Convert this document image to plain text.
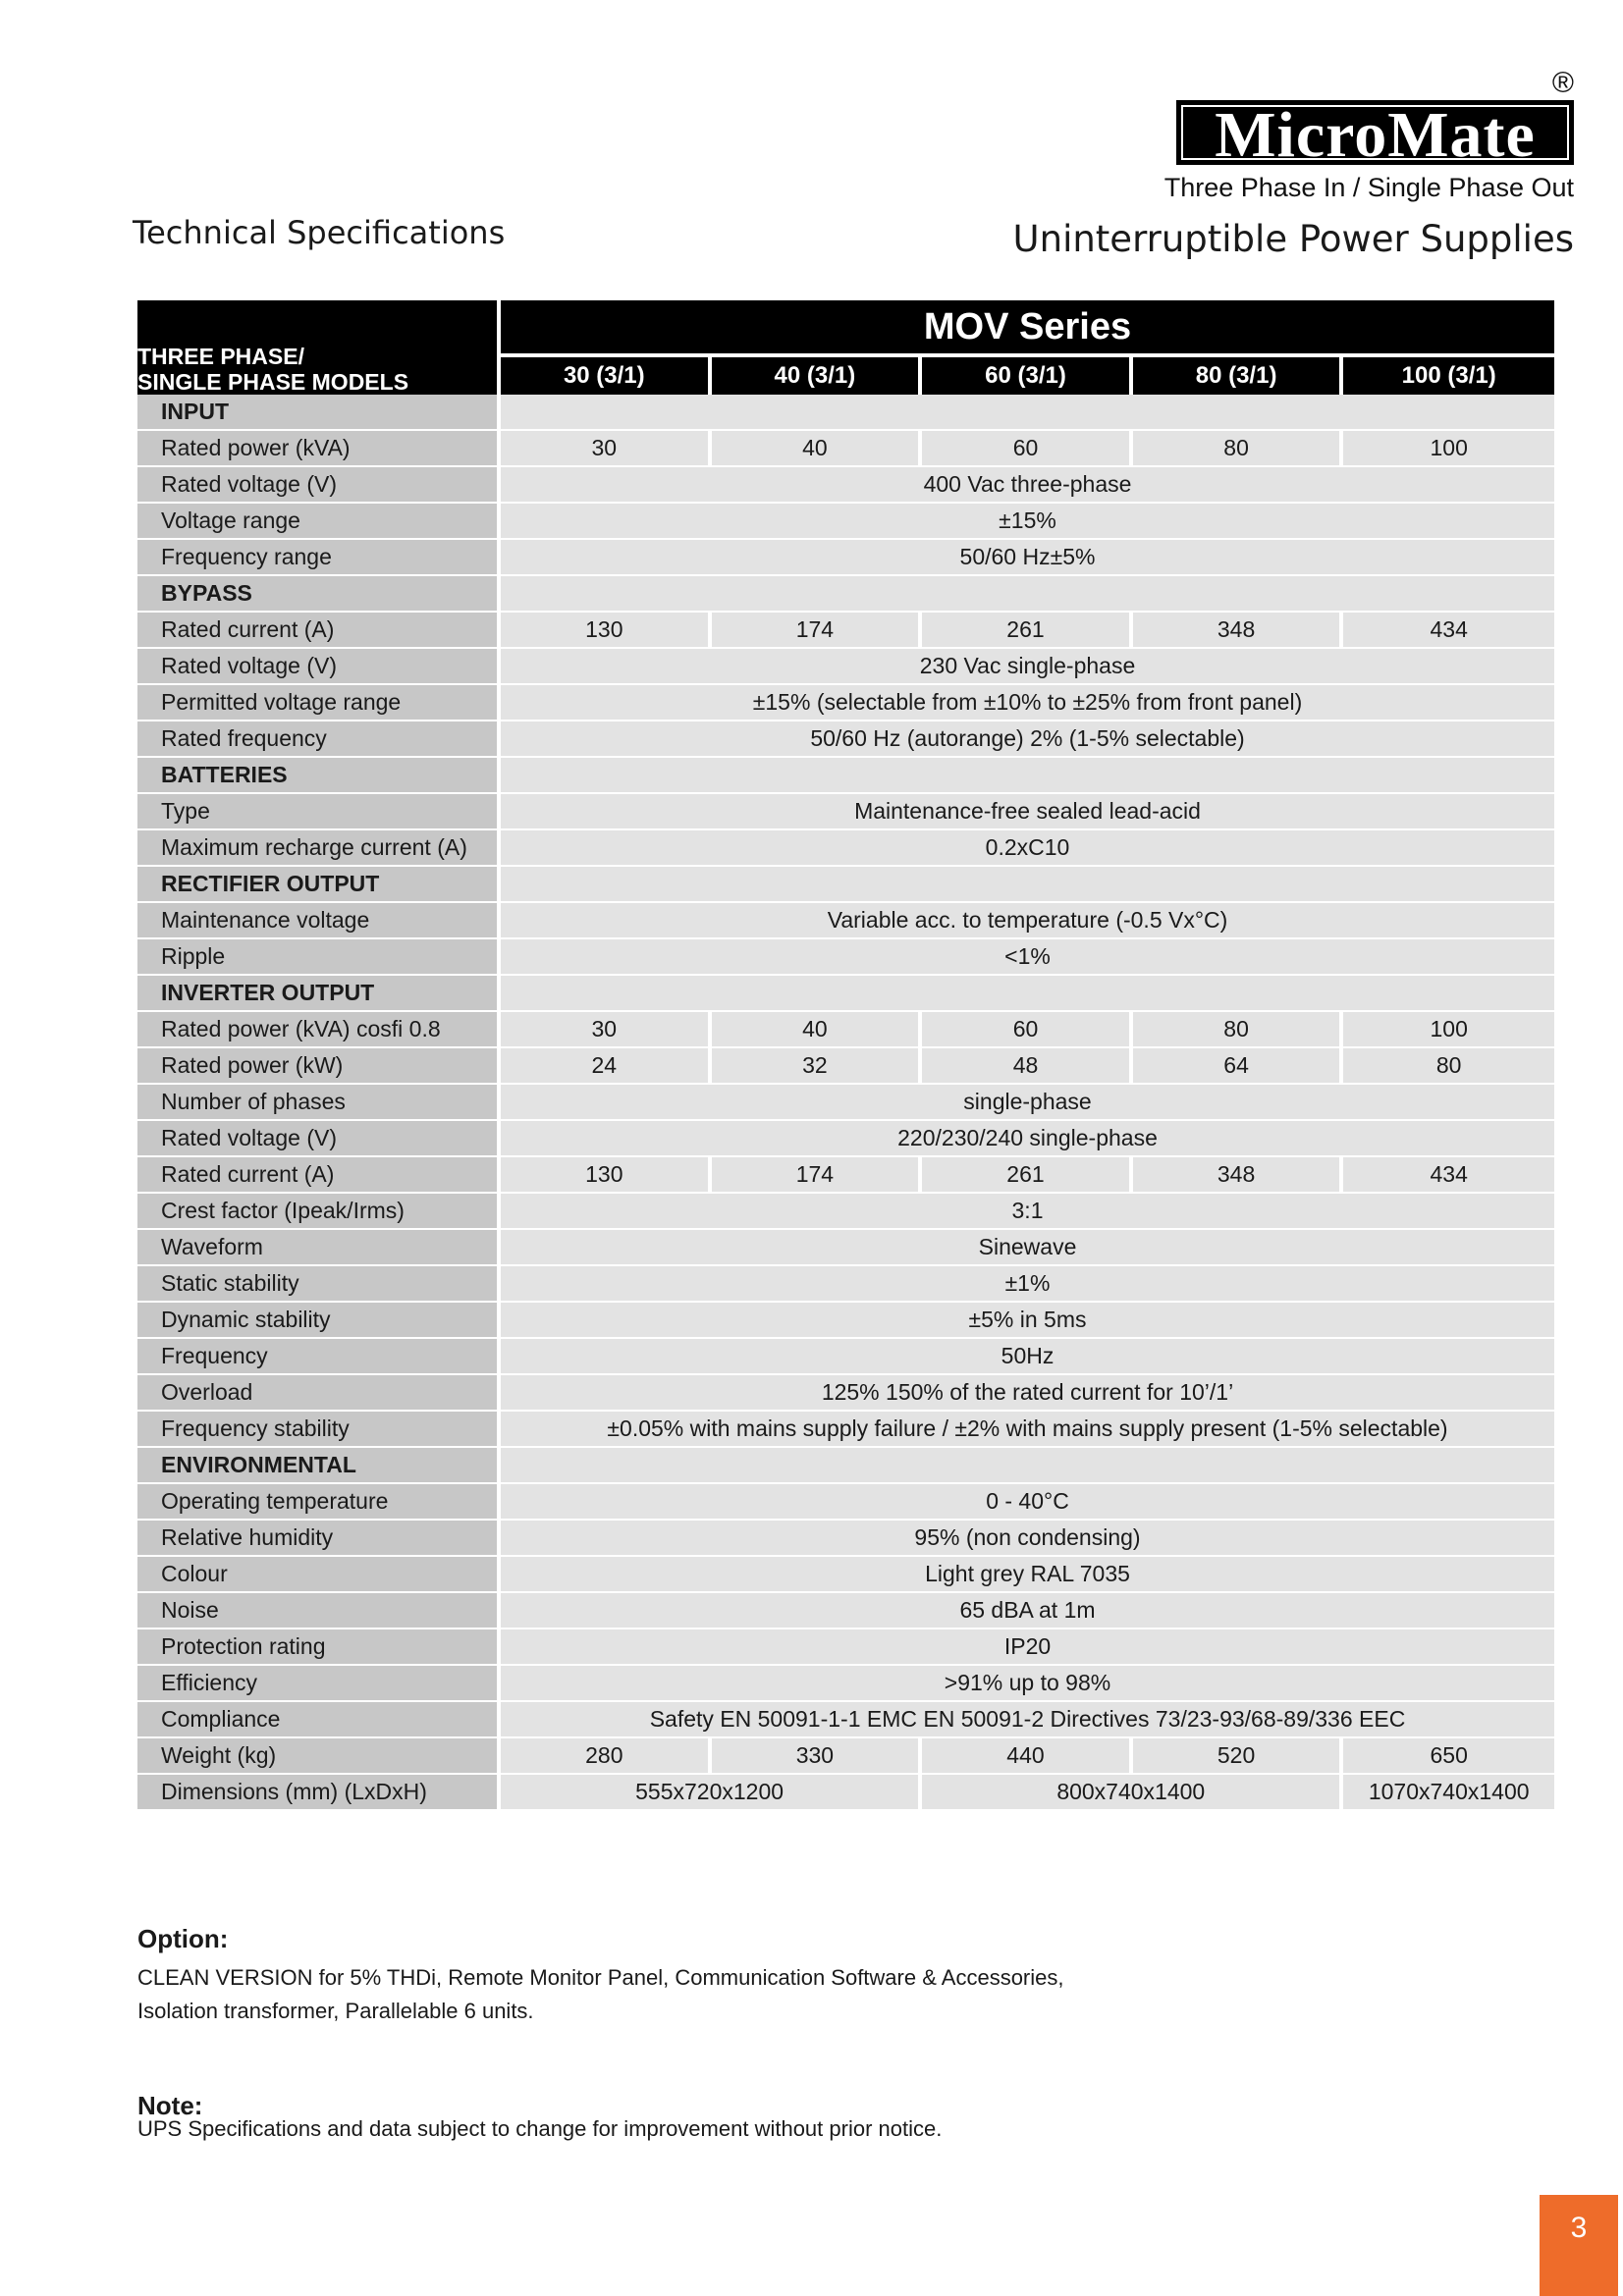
®
MicroMate
Three Phase In / Single Phase Out
Technical Specifications	Uninterruptible Power Supplies
THREE PHASE/
SINGLE PHASE MODELS	MOV Series				
	30 (3/1)	40 (3/1)	60 (3/1)	80 (3/1)	100 (3/1)
INPUT					
Rated power (kVA)	30	40	60	80	100
Rated voltage (V)	400 Vac three-phase				
Voltage range	±15%				
Frequency range	50/60 Hz±5%				
BYPASS					
Rated current (A)	130	174	261	348	434
Rated voltage (V)	230 Vac single-phase				
Permitted voltage range	±15% (selectable from ±10% to ±25% from front panel)				
Rated frequency	50/60 Hz (autorange) 2% (1-5% selectable)				
BATTERIES					
Type	Maintenance-free sealed lead-acid				
Maximum recharge current (A)	0.2xC10				
RECTIFIER OUTPUT					
Maintenance voltage	Variable acc. to temperature (-0.5 Vx°C)				
Ripple	<1%				
INVERTER OUTPUT					
Rated power (kVA) cosfi 0.8	30	40	60	80	100
Rated power (kW)	24	32	48	64	80
Number of phases	single-phase				
Rated voltage (V)	220/230/240 single-phase				
Rated current (A)	130	174	261	348	434
Crest factor (Ipeak/Irms)	3:1				
Waveform	Sinewave				
Static stability	±1%				
Dynamic stability	±5% in 5ms				
Frequency	50Hz				
Overload	125% 150% of the rated current for 10’/1’				
Frequency stability	±0.05% with mains supply failure / ±2% with mains supply present (1-5% selectable)				
ENVIRONMENTAL					
Operating temperature	0 - 40°C				
Relative humidity	95% (non condensing)				
Colour	Light grey RAL 7035				
Noise	65 dBA at 1m				
Protection rating	IP20				
Efficiency	>91% up to 98%				
Compliance	Safety EN 50091-1-1 EMC EN 50091-2 Directives 73/23-93/68-89/336 EEC				
Weight (kg)	280	330	440	520	650
Dimensions (mm) (LxDxH)	555x720x1200		800x740x1400		1070x740x1400
Option:
CLEAN VERSION for 5% THDi, Remote Monitor Panel, Communication Software & Accessories,
Isolation transformer, Parallelable 6 units.
Note:
UPS Specifications and data subject to change for improvement without prior notice.
3
